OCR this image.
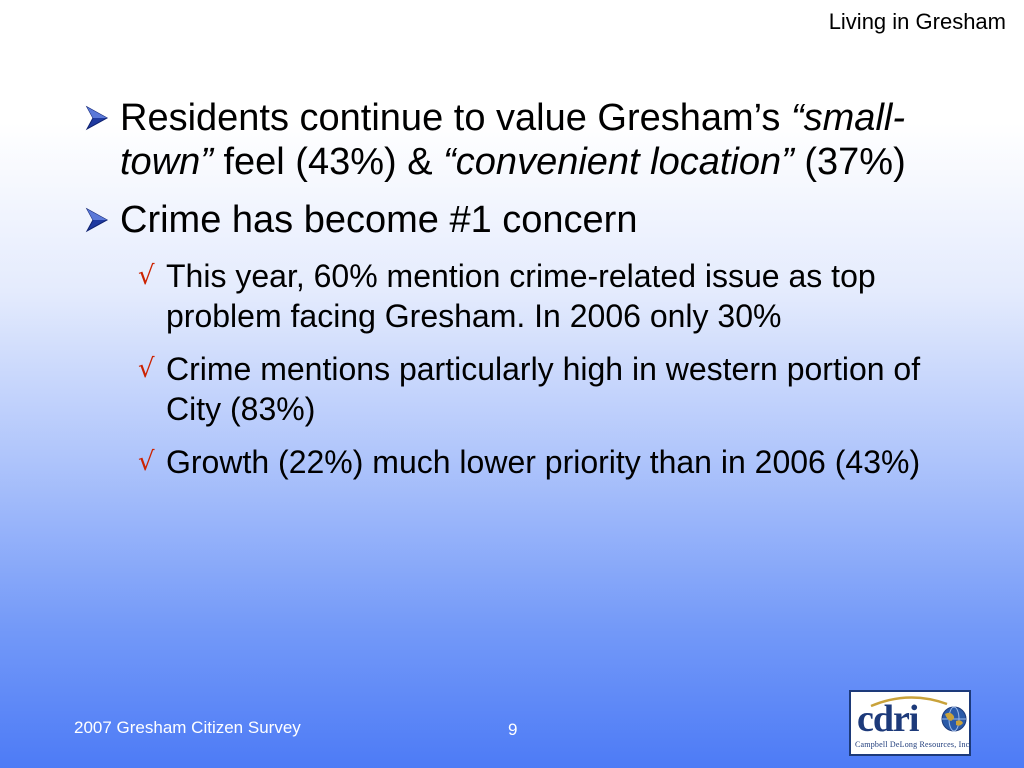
Living in Gresham
Residents continue to value Gresham’s “small-town” feel (43%) & “convenient location” (37%)
Crime has become #1 concern
√ This year, 60% mention crime-related issue as top problem facing Gresham. In 2006 only 30%
√ Crime mentions particularly high in western portion of City (83%)
√ Growth (22%) much lower priority than in 2006 (43%)
2007 Gresham Citizen Survey	9	cdri
Campbell DeLong Resources, Inc.
